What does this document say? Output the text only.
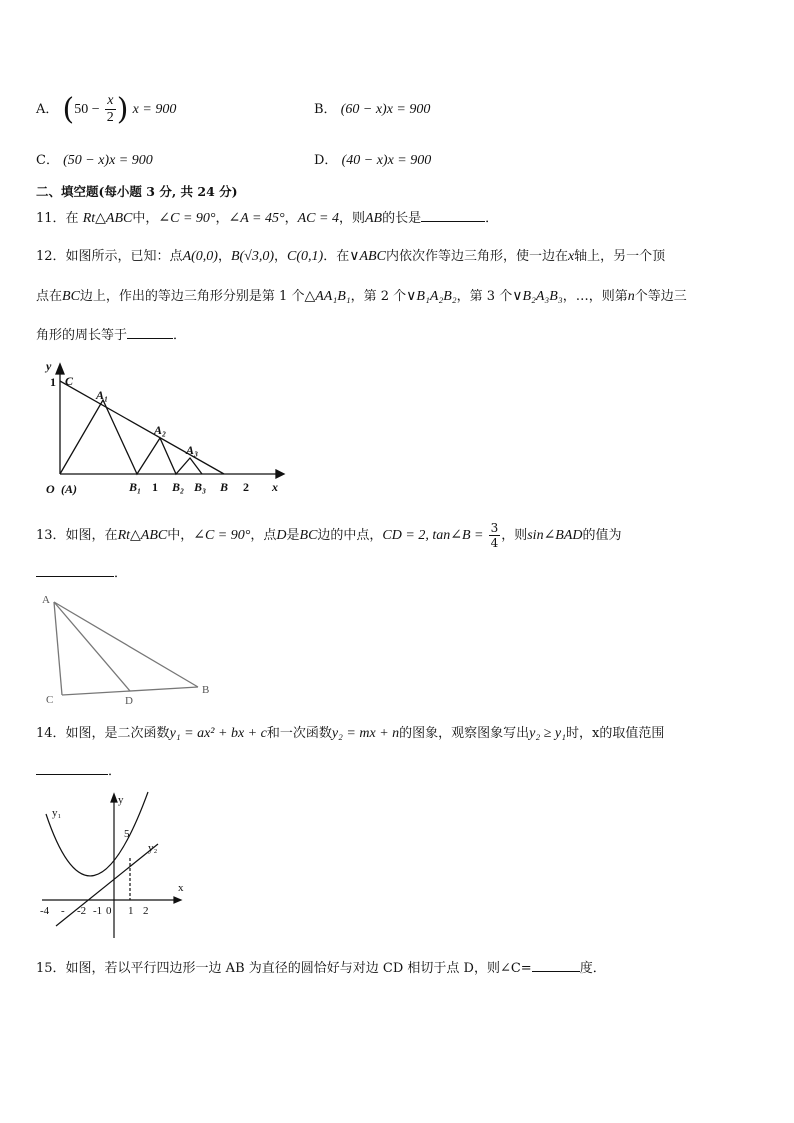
A． ($50 - \frac{x}{2}$ ) x = 900	B． (60 − x)x = 900
C． (50 − x)x = 900	D． (40 − x)x = 900
二、填空题(每小题 3 分, 共 24 分)
11．在 Rt△ABC中，∠C = 90°，∠A = 45°，AC = 4，则AB的长是	．
12．如图所示，已知：点A(0,0)，B(√3,0)，C(0,1)．在∨ABC内依次作等边三角形，使一边在x轴上，另一个顶
点在BC边上，作出的等边三角形分别是第 1 个△AA₁B₁，第 2 个∨B₁A₂B₂，第 3 个∨B₂A₃B₃，…，则第n个等边三
角形的周长等于	．
y
1 C
A₁
A₂
A₃
O (A)	B₁ 1 B₂ B₃ B 2 x
13．如图，在Rt△ABC中，∠C = 90°，点D是BC边的中点，CD = 2, tan∠B = $\frac{3}{4}$ ，则sin∠BAD的值为
．
A
C	D
B
14．如图，是二次函数y₁ = ax² + bx + c和一次函数y₂ = mx + n的图象，观察图象写出y₂ ≥ y₁时，x的取值范围
．
y₁
y₂
y
x
5
-4 - -2 -1 0 1 2
15．如图，若以平行四边形一边 AB 为直径的圆恰好与对边 CD 相切于点 D，则∠C=	度．
